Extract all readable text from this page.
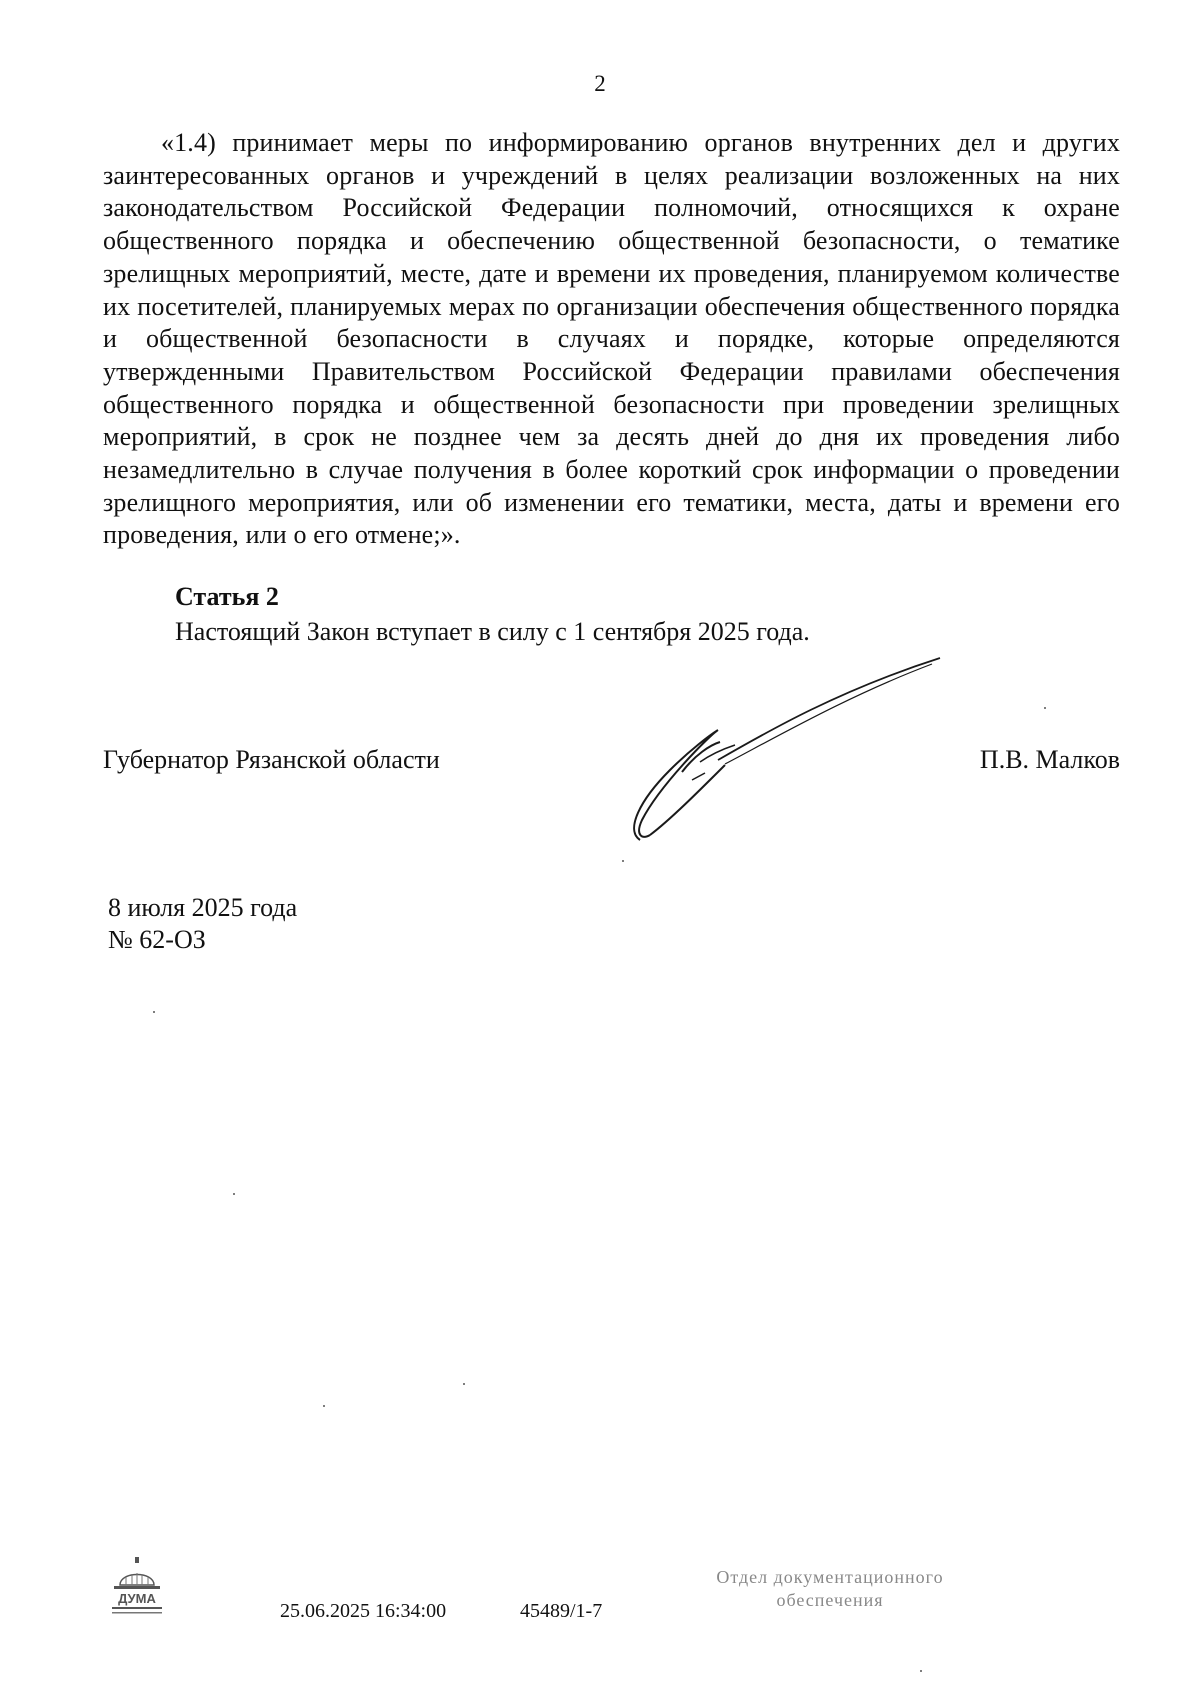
2
«1.4) принимает меры по информированию органов внутренних дел и других заинтересованных органов и учреждений в целях реализации возложенных на них законодательством Российской Федерации полномочий, относящихся к охране общественного порядка и обеспечению общественной безопасности, о тематике зрелищных мероприятий, месте, дате и времени их проведения, планируемом количестве их посетителей, планируемых мерах по организации обеспечения общественного порядка и общественной безопасности в случаях и порядке, которые определяются утвержденными Правительством Российской Федерации правилами обеспечения общественного порядка и общественной безопасности при проведении зрелищных мероприятий, в срок не позднее чем за десять дней до дня их проведения либо незамедлительно в случае получения в более короткий срок информации о проведении зрелищного мероприятия, или об изменении его тематики, места, даты и времени его проведения, или о его отмене;».
Статья 2
Настоящий Закон вступает в силу с 1 сентября 2025 года.
Губернатор Рязанской области	П.В. Малков
8 июля 2025 года
№ 62-ОЗ
ДУМА
25.06.2025 16:34:00	45489/1-7
Отдел документационного
обеспечения
